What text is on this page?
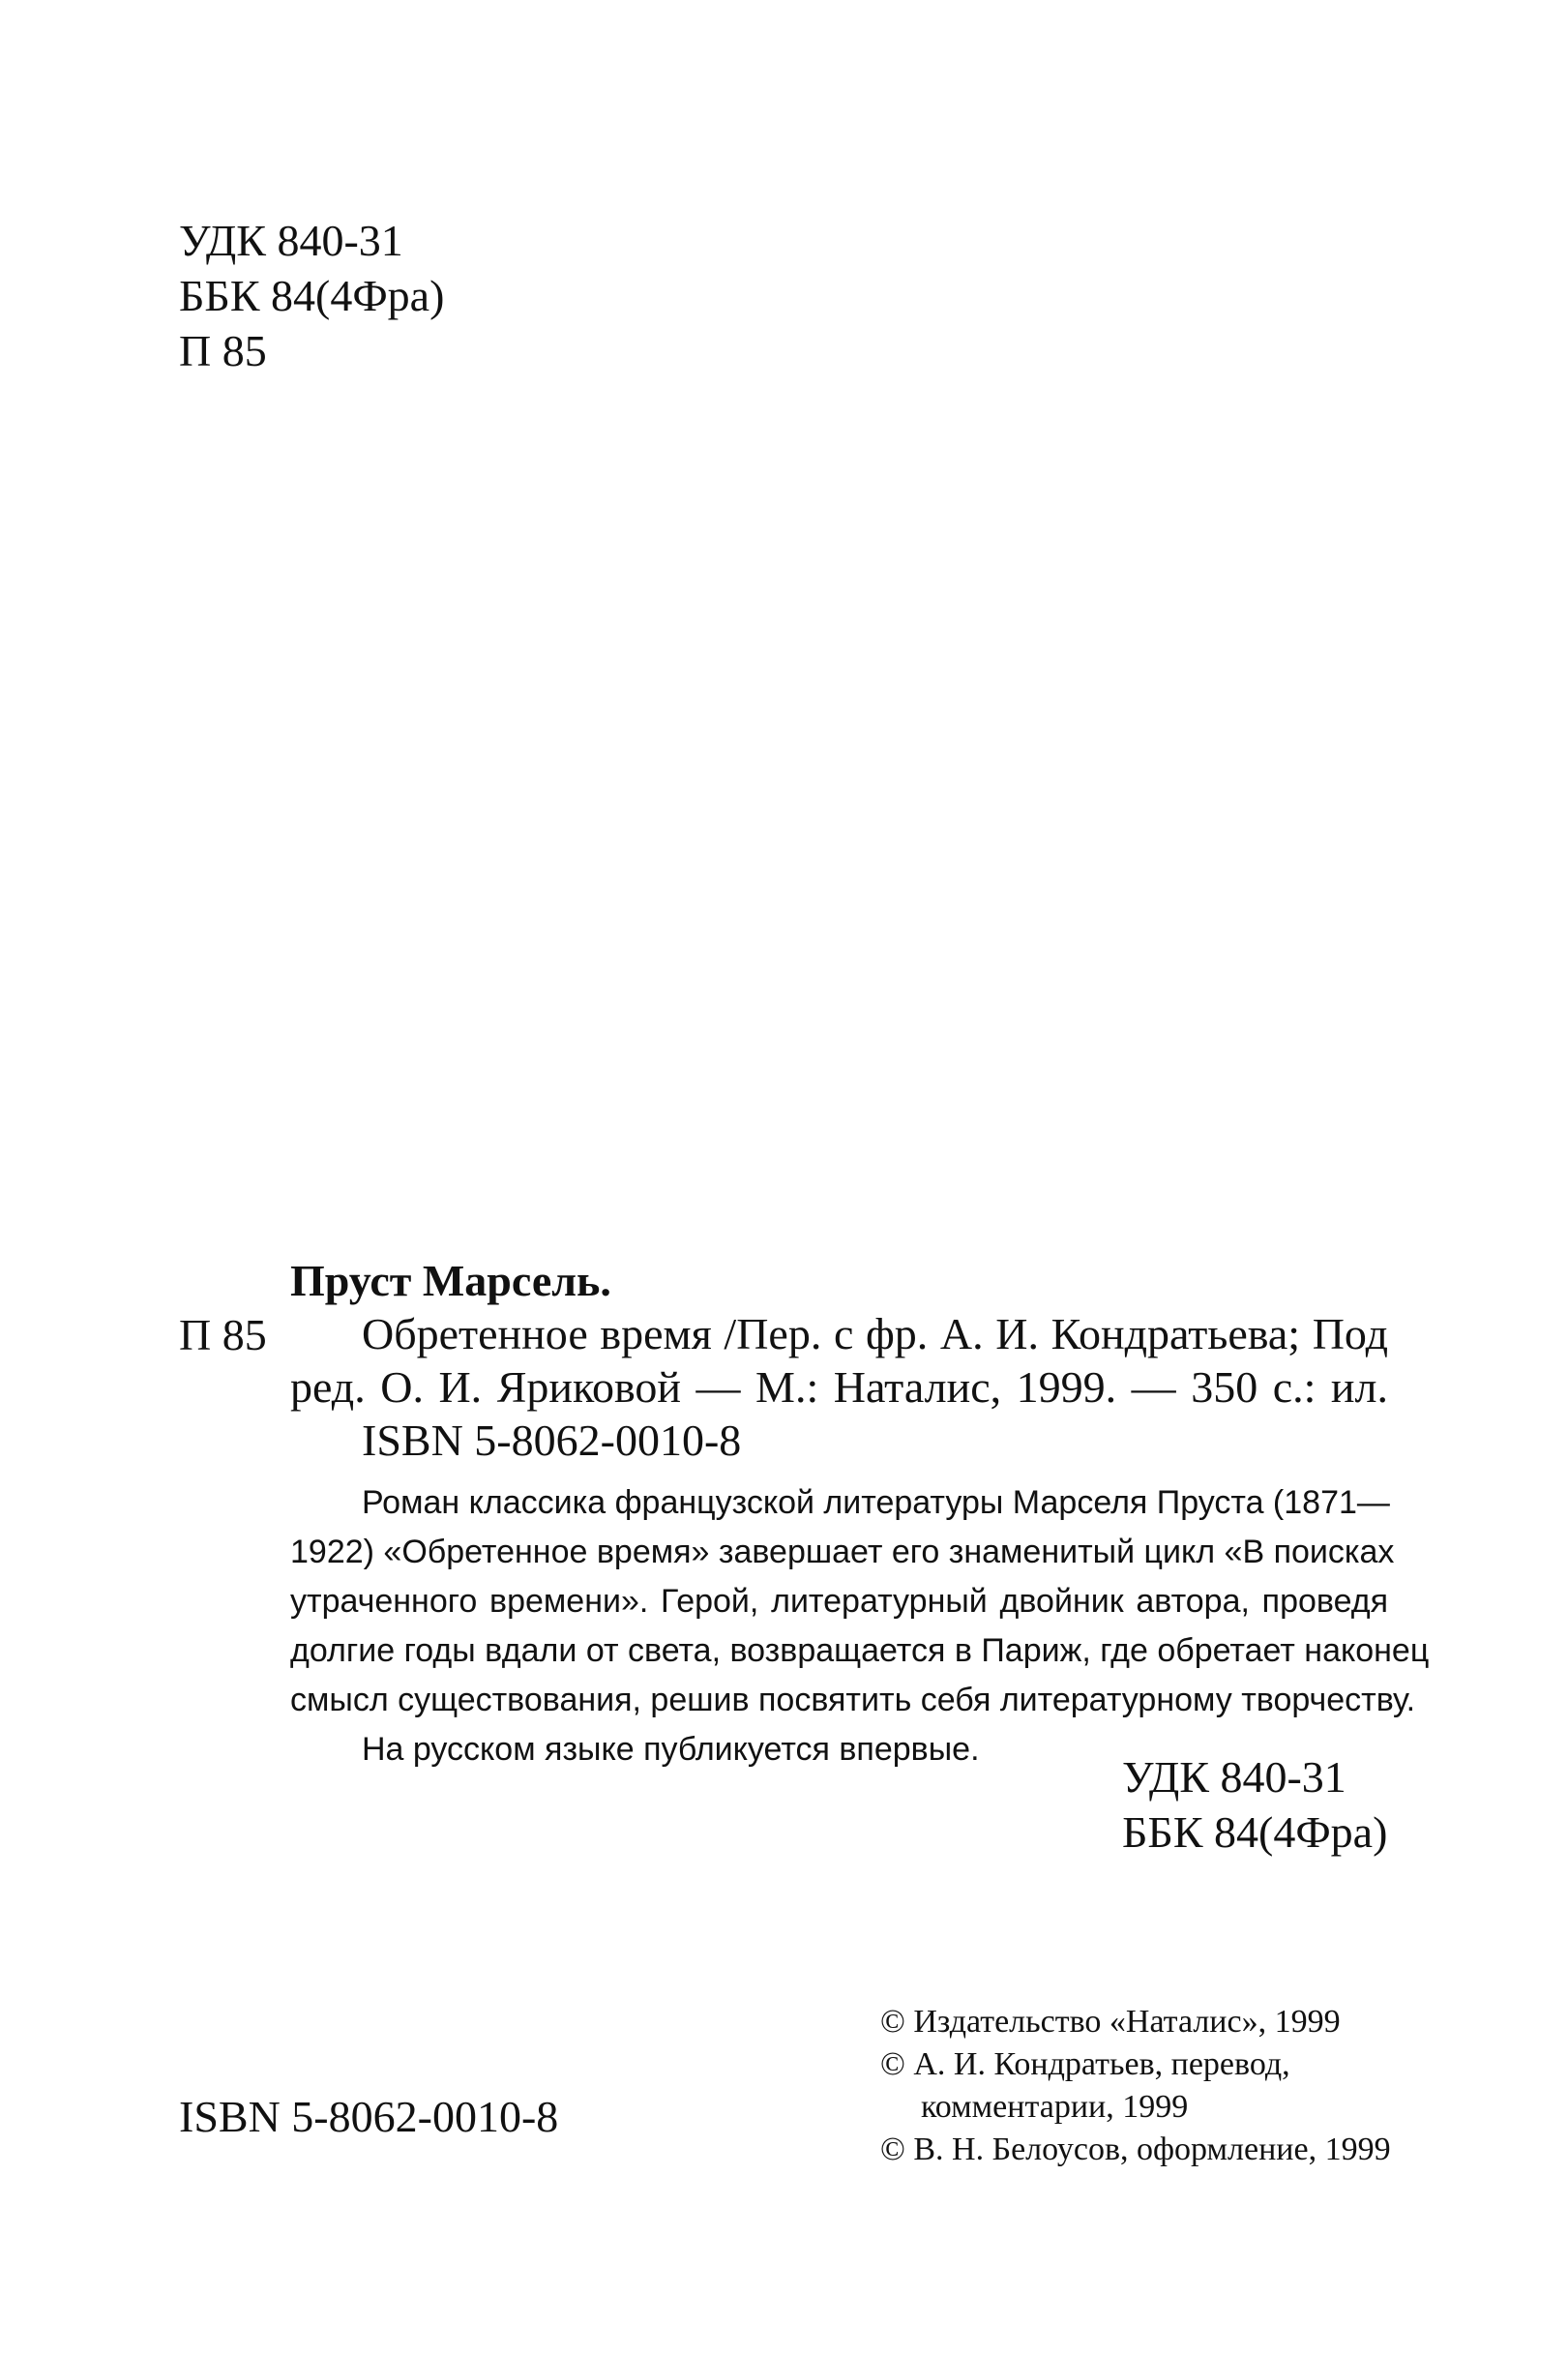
УДК 840-31
ББК 84(4Фра)
П 85
П 85
Пруст Марсель.
Обретенное время /Пер. с фр. А. И. Кондратьева; Под
ред. О. И. Яриковой — М.: Наталис, 1999. — 350 с.: ил.
ISBN 5-8062-0010-8
Роман классика французской литературы Марселя Пруста (1871—
1922) «Обретенное время» завершает его знаменитый цикл «В поисках
утраченного времени». Герой, литературный двойник автора, проведя
долгие годы вдали от света, возвращается в Париж, где обретает наконец
смысл существования, решив посвятить себя литературному творчеству.
На русском языке публикуется впервые.
УДК 840-31
ББК 84(4Фра)
© Издательство «Наталис», 1999
© А. И. Кондратьев, перевод,
комментарии, 1999
© В. Н. Белоусов, оформление, 1999
ISBN 5-8062-0010-8
